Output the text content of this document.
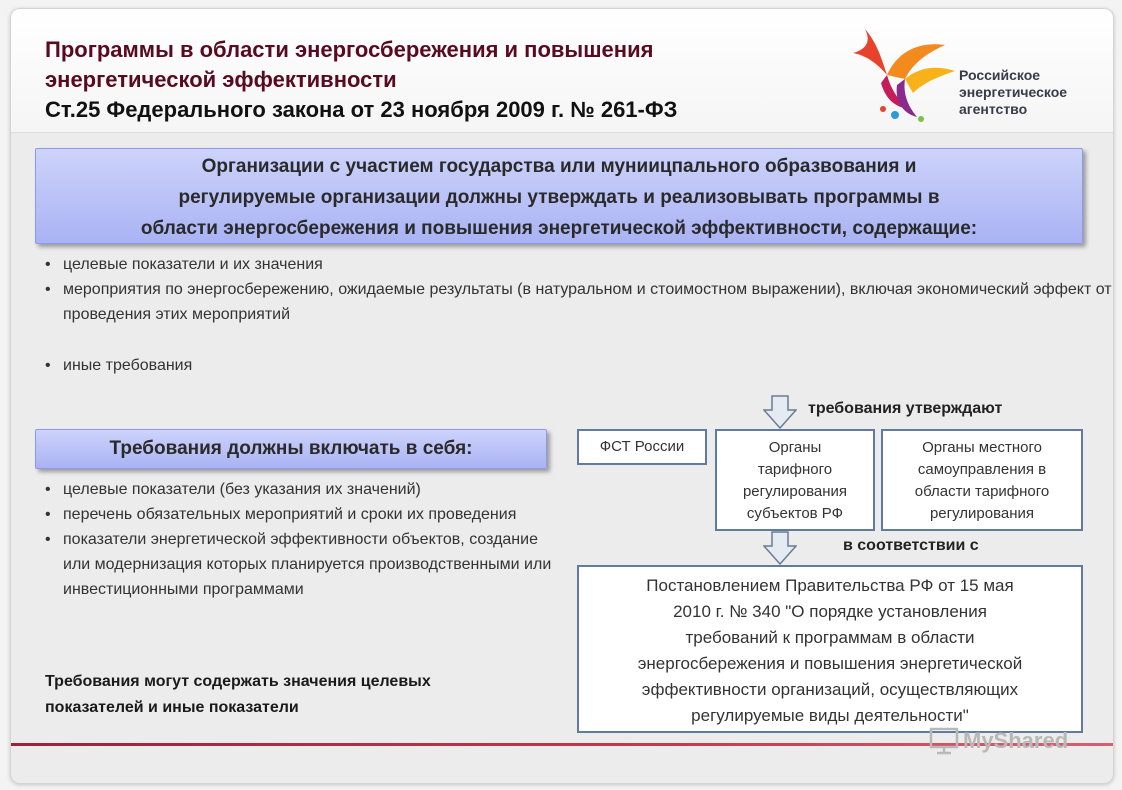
Программы в области энергосбережения и повышения
энергетической эффективности
Ст.25 Федерального закона от 23 ноября 2009 г. № 261-ФЗ
Российское
энергетическое
агентство
Организации с участием государства или муниицпального образвования и
регулируемые организации должны утверждать и реализовывать программы в
области энергосбережения и повышения энергетической эффективности, содержащие:
• целевые показатели и их значения
• мероприятия по энергосбережению, ожидаемые результаты (в натуральном и стоимостном выражении), включая экономический эффект от проведения этих мероприятий
• иные требования
Требования должны включать в себя:
• целевые показатели (без указания их значений)
• перечень обязательных мероприятий и сроки их проведения
• показатели энергетической эффективности объектов, создание или модернизация которых планируется производственными или инвестиционными программами
Требования могут содержать значения целевых
показателей и иные показатели
требования утверждают
ФСТ России	Органы
тарифного
регулирования
субъектов РФ
Органы местного
самоуправления в
области тарифного
регулирования
в соответствии с
Постановлением Правительства РФ от 15 мая
2010 г. № 340 "О порядке установления
требований к программам в области
энергосбережения и повышения энергетической
эффективности организаций, осуществляющих
регулируемые виды деятельности"
MyShared
